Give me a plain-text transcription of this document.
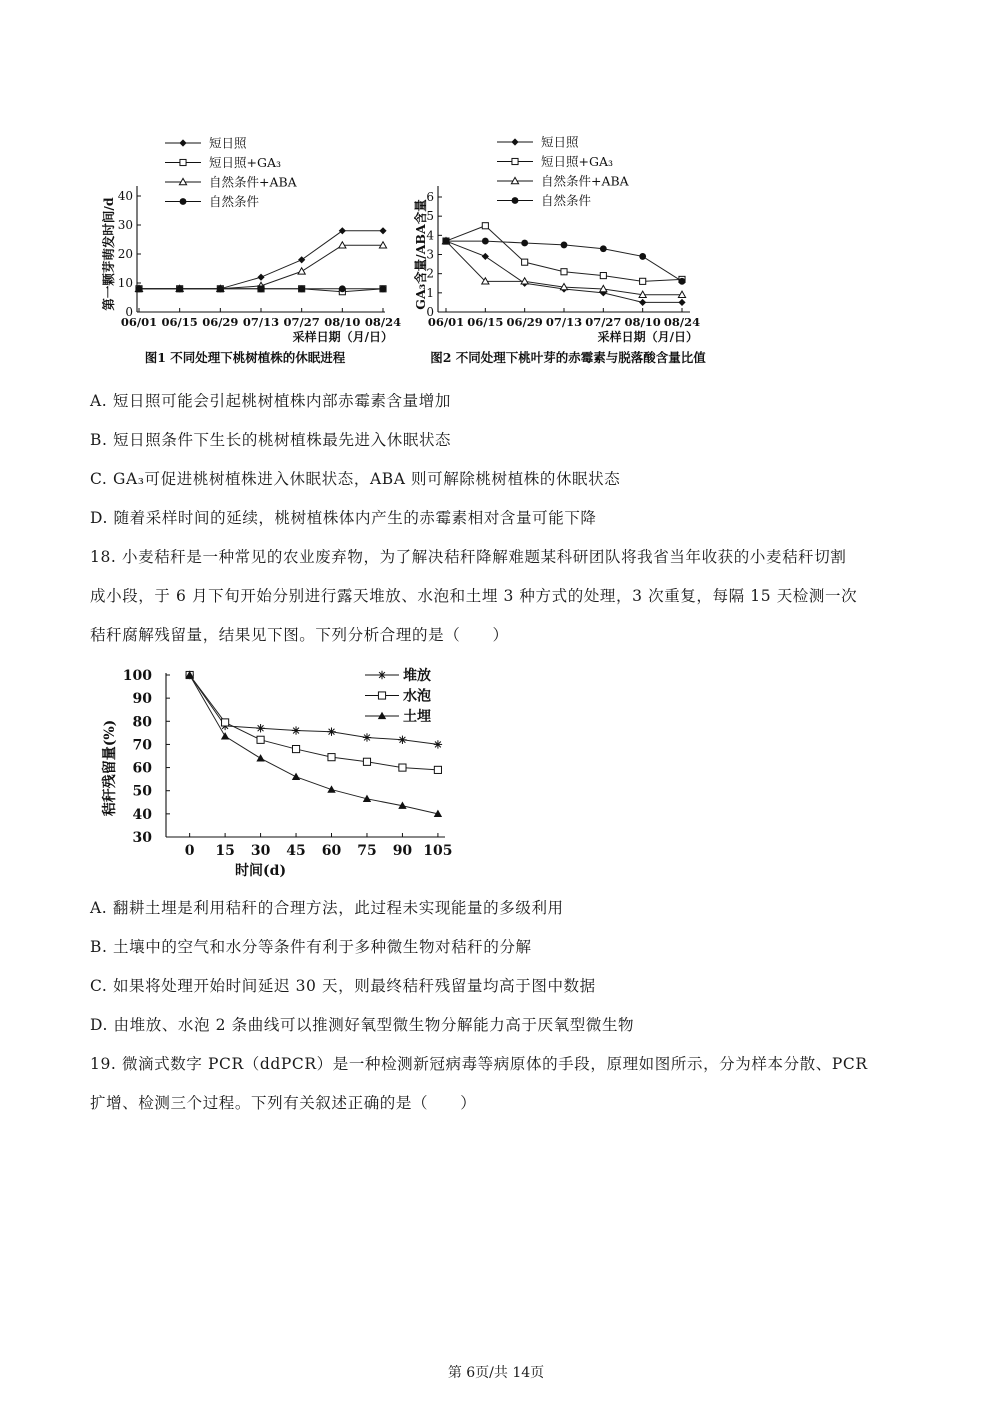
0
10
20
30
40
06/01 06/15 06/29 07/13 07/27 08/10 08/24
采样日期（月/日）
第一颗芽萌发时间/d
图1 不同处理下桃树植株的休眠进程
短日照
短日照+GA₃
自然条件+ABA
自然条件
0
1
2
3
4
5
6
06/01 06/15 06/29 07/13 07/27 08/10 08/24
采样日期（月/日）
GA₃含量/ABA含量
图2 不同处理下桃叶芽的赤霉素与脱落酸含量比值
短日照
短日照+GA₃
自然条件+ABA
自然条件
A. 短日照可能会引起桃树植株内部赤霉素含量增加
B. 短日照条件下生长的桃树植株最先进入休眠状态
C. GA₃可促进桃树植株进入休眠状态，ABA 则可解除桃树植株的休眠状态
D. 随着采样时间的延续，桃树植株体内产生的赤霉素相对含量可能下降
18. 小麦秸秆是一种常见的农业废弃物，为了解决秸秆降解难题某科研团队将我省当年收获的小麦秸秆切割
成小段，于 6 月下旬开始分别进行露天堆放、水泡和土埋 3 种方式的处理，3 次重复，每隔 15 天检测一次
秸秆腐解残留量，结果见下图。下列分析合理的是（　　）
30
40
50
60
70
80
90
100
0 15 30 45 60 75 90 105
时间(d)
秸秆残留量(%)
堆放
水泡
土埋
A. 翻耕土埋是利用秸秆的合理方法，此过程未实现能量的多级利用
B. 土壤中的空气和水分等条件有利于多种微生物对秸秆的分解
C. 如果将处理开始时间延迟 30 天，则最终秸秆残留量均高于图中数据
D. 由堆放、水泡 2 条曲线可以推测好氧型微生物分解能力高于厌氧型微生物
19. 微滴式数字 PCR（ddPCR）是一种检测新冠病毒等病原体的手段，原理如图所示，分为样本分散、PCR
扩增、检测三个过程。下列有关叙述正确的是（　　）
第 6页/共 14页
